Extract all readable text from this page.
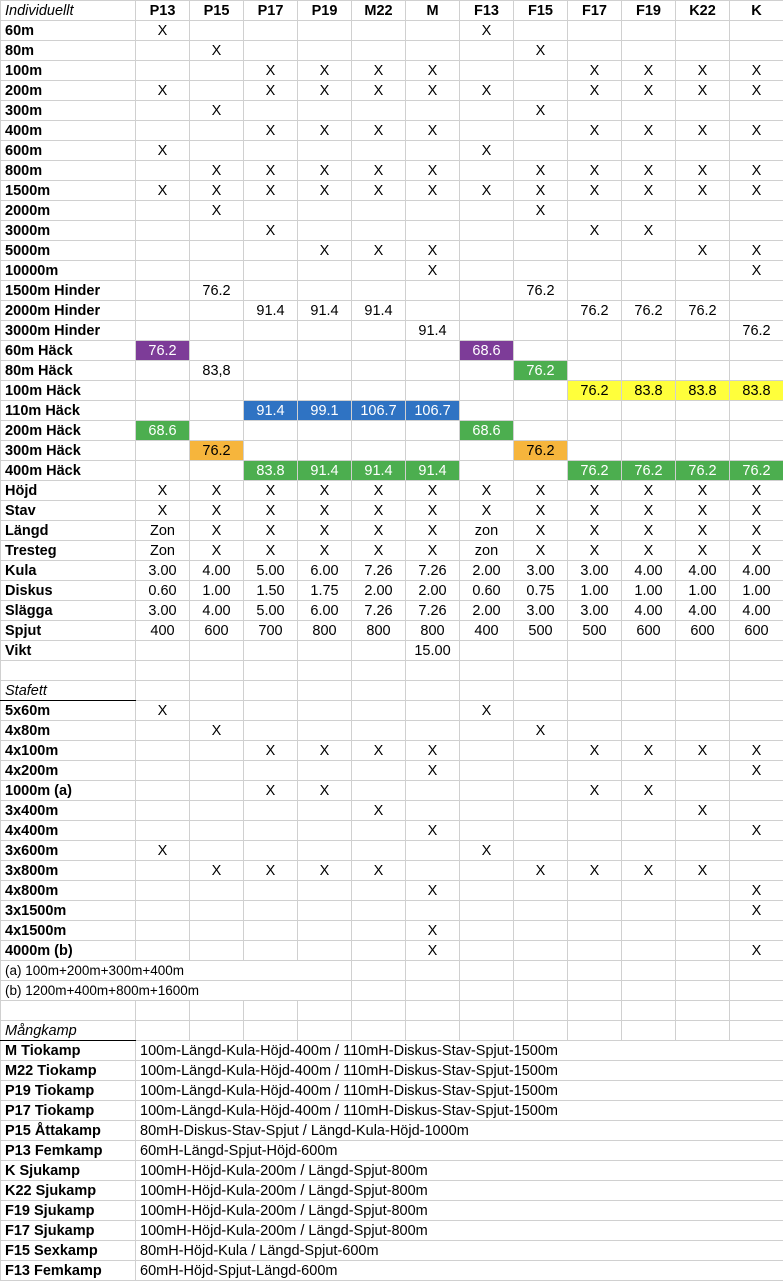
Individuellt	P13	P15	P17	P19	M22	M	F13	F15	F17	F19	K22	K
60m	X						X					
80m		X						X				
100m			X	X	X	X			X	X	X	X
200m	X		X	X	X	X	X		X	X	X	X
300m		X						X				
400m			X	X	X	X			X	X	X	X
600m	X						X					
800m		X	X	X	X	X		X	X	X	X	X
1500m	X	X	X	X	X	X	X	X	X	X	X	X
2000m		X						X				
3000m			X						X	X		
5000m				X	X	X					X	X
10000m						X						X
1500m Hinder		76.2						76.2				
2000m Hinder			91.4	91.4	91.4				76.2	76.2	76.2	
3000m Hinder						91.4						76.2
60m Häck	76.2						68.6					
80m Häck		83,8						76.2				
100m Häck									76.2	83.8	83.8	83.8
110m Häck			91.4	99.1	106.7	106.7						
200m Häck	68.6						68.6					
300m Häck		76.2						76.2				
400m Häck			83.8	91.4	91.4	91.4			76.2	76.2	76.2	76.2
Höjd	X	X	X	X	X	X	X	X	X	X	X	X
Stav	X	X	X	X	X	X	X	X	X	X	X	X
Längd	Zon	X	X	X	X	X	zon	X	X	X	X	X
Tresteg	Zon	X	X	X	X	X	zon	X	X	X	X	X
Kula	3.00	4.00	5.00	6.00	7.26	7.26	2.00	3.00	3.00	4.00	4.00	4.00
Diskus	0.60	1.00	1.50	1.75	2.00	2.00	0.60	0.75	1.00	1.00	1.00	1.00
Slägga	3.00	4.00	5.00	6.00	7.26	7.26	2.00	3.00	3.00	4.00	4.00	4.00
Spjut	400	600	700	800	800	800	400	500	500	600	600	600
Vikt						15.00						

Stafett												
5x60m	X						X					
4x80m		X						X				
4x100m			X	X	X	X			X	X	X	X
4x200m						X						X
1000m (a)			X	X					X	X		
3x400m					X						X	
4x400m						X						X
3x600m	X						X					
3x800m		X	X	X	X			X	X	X	X	
4x800m						X						X
3x1500m												X
4x1500m						X						
4000m (b)						X						X
(a) 100m+200m+300m+400m												
(b) 1200m+400m+800m+1600m												

Mångkamp												
M Tiokamp	100m-Längd-Kula-Höjd-400m / 110mH-Diskus-Stav-Spjut-1500m											
M22 Tiokamp	100m-Längd-Kula-Höjd-400m / 110mH-Diskus-Stav-Spjut-1500m											
P19 Tiokamp	100m-Längd-Kula-Höjd-400m / 110mH-Diskus-Stav-Spjut-1500m											
P17 Tiokamp	100m-Längd-Kula-Höjd-400m / 110mH-Diskus-Stav-Spjut-1500m											
P15 Åttakamp	80mH-Diskus-Stav-Spjut / Längd-Kula-Höjd-1000m											
P13 Femkamp	60mH-Längd-Spjut-Höjd-600m											
K Sjukamp	100mH-Höjd-Kula-200m / Längd-Spjut-800m											
K22 Sjukamp	100mH-Höjd-Kula-200m / Längd-Spjut-800m											
F19 Sjukamp	100mH-Höjd-Kula-200m / Längd-Spjut-800m											
F17 Sjukamp	100mH-Höjd-Kula-200m / Längd-Spjut-800m											
F15 Sexkamp	80mH-Höjd-Kula / Längd-Spjut-600m											
F13 Femkamp	60mH-Höjd-Spjut-Längd-600m											
